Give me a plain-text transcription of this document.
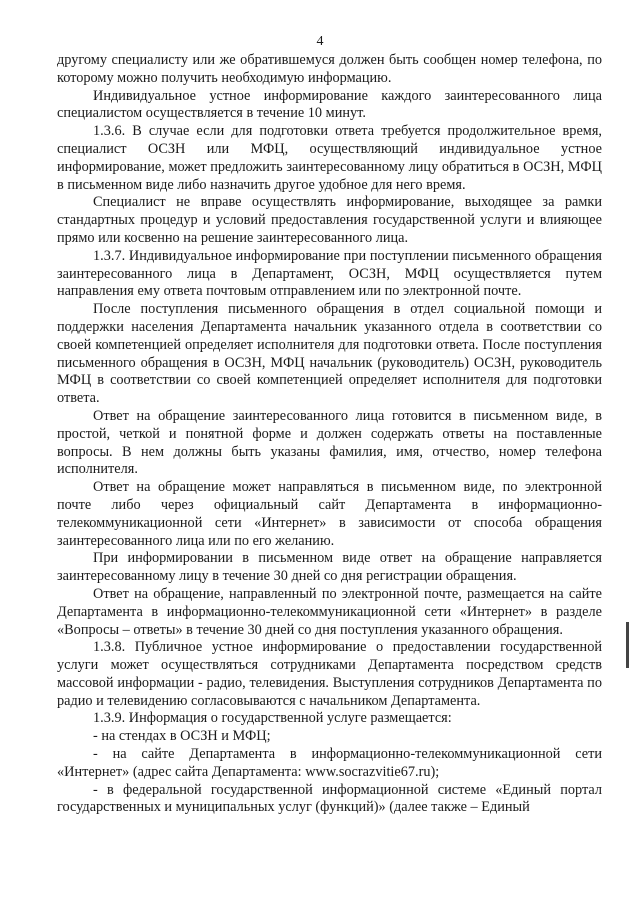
4

другому специалисту или же обратившемуся должен быть сообщен номер телефона, по которому можно получить необходимую информацию.

Индивидуальное устное информирование каждого заинтересованного лица специалистом осуществляется в течение 10 минут.

1.3.6. В случае если для подготовки ответа требуется продолжительное время, специалист ОСЗН или МФЦ, осуществляющий индивидуальное устное информирование, может предложить заинтересованному лицу обратиться в ОСЗН, МФЦ в письменном виде либо назначить другое удобное для него время.

Специалист не вправе осуществлять информирование, выходящее за рамки стандартных процедур и условий предоставления государственной услуги и влияющее прямо или косвенно на решение заинтересованного лица.

1.3.7. Индивидуальное информирование при поступлении письменного обращения заинтересованного лица в Департамент, ОСЗН, МФЦ осуществляется путем направления ему ответа почтовым отправлением или по электронной почте.

После поступления письменного обращения в отдел социальной помощи и поддержки населения Департамента начальник указанного отдела в соответствии со своей компетенцией определяет исполнителя для подготовки ответа. После поступления письменного обращения в ОСЗН, МФЦ начальник (руководитель) ОСЗН, руководитель МФЦ в соответствии со своей компетенцией определяет исполнителя для подготовки ответа.

Ответ на обращение заинтересованного лица готовится в письменном виде, в простой, четкой и понятной форме и должен содержать ответы на поставленные вопросы. В нем должны быть указаны фамилия, имя, отчество, номер телефона исполнителя.

Ответ на обращение может направляться в письменном виде, по электронной почте либо через официальный сайт Департамента в информационно-телекоммуникационной сети «Интернет» в зависимости от способа обращения заинтересованного лица или по его желанию.

При информировании в письменном виде ответ на обращение направляется заинтересованному лицу в течение 30 дней со дня регистрации обращения.

Ответ на обращение, направленный по электронной почте, размещается на сайте Департамента в информационно-телекоммуникационной сети «Интернет» в разделе «Вопросы – ответы» в течение 30 дней со дня поступления указанного обращения.

1.3.8. Публичное устное информирование о предоставлении государственной услуги может осуществляться сотрудниками Департамента посредством средств массовой информации - радио, телевидения. Выступления сотрудников Департамента по радио и телевидению согласовываются с начальником Департамента.

1.3.9. Информация о государственной услуге размещается:

- на стендах в ОСЗН и МФЦ;

- на сайте Департамента в информационно-телекоммуникационной сети «Интернет» (адрес сайта Департамента: www.socrazvitie67.ru);

- в федеральной государственной информационной системе «Единый портал государственных и муниципальных услуг (функций)» (далее также – Единый
